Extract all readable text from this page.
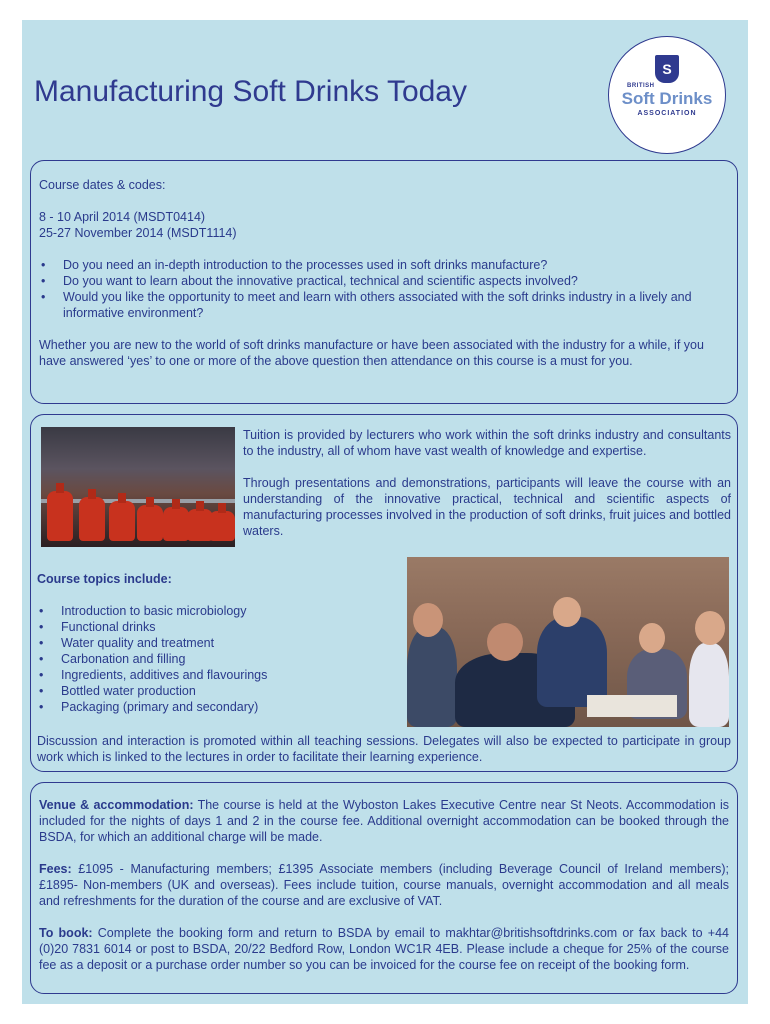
Manufacturing Soft Drinks Today
S
BRITISH
Soft Drinks
ASSOCIATION

Course dates & codes:

8 - 10 April 2014 (MSDT0414)

25-27 November 2014 (MSDT1114)

• Do you need an in-depth introduction to the processes used in soft drinks manufacture?
• Do you want to learn about the innovative practical, technical and scientific aspects involved?
• Would you like the opportunity to meet and learn with others associated with the soft drinks industry in a lively and informative environment?

Whether you are new to the world of soft drinks manufacture or have been associated with the industry for a while, if you have answered ‘yes’ to one or more of the above question then attendance on this course is a must for you.

Tuition is provided by lecturers who work within the soft drinks industry and consultants to the industry, all of whom have vast wealth of knowledge and expertise.

Through presentations and demonstrations, participants will leave the course with an understanding of the innovative practical, technical and scientific aspects of manufacturing processes involved in the production of soft drinks, fruit juices and bottled waters.

Course topics include:

• Introduction to basic microbiology
• Functional drinks
• Water quality and treatment
• Carbonation and filling
• Ingredients, additives and flavourings
• Bottled water production
• Packaging (primary and secondary)
Discussion and interaction is promoted within all teaching sessions. Delegates will also be expected to participate in group work which is linked to the lectures in order to facilitate their learning experience.

Venue & accommodation: The course is held at the Wyboston Lakes Executive Centre near St Neots. Accommodation is included for the nights of days 1 and 2 in the course fee. Additional overnight accommodation can be booked through the BSDA, for which an additional charge will be made.

Fees: £1095 - Manufacturing members; £1395 Associate members (including Beverage Council of Ireland members); £1895- Non-members (UK and overseas). Fees include tuition, course manuals, overnight accommodation and all meals and refreshments for the duration of the course and are exclusive of VAT.

To book: Complete the booking form and return to BSDA by email to makhtar@britishsoftdrinks.com or fax back to +44 (0)20 7831 6014 or post to BSDA, 20/22 Bedford Row, London WC1R 4EB. Please include a cheque for 25% of the course fee as a deposit or a purchase order number so you can be invoiced for the course fee on receipt of the booking form.
